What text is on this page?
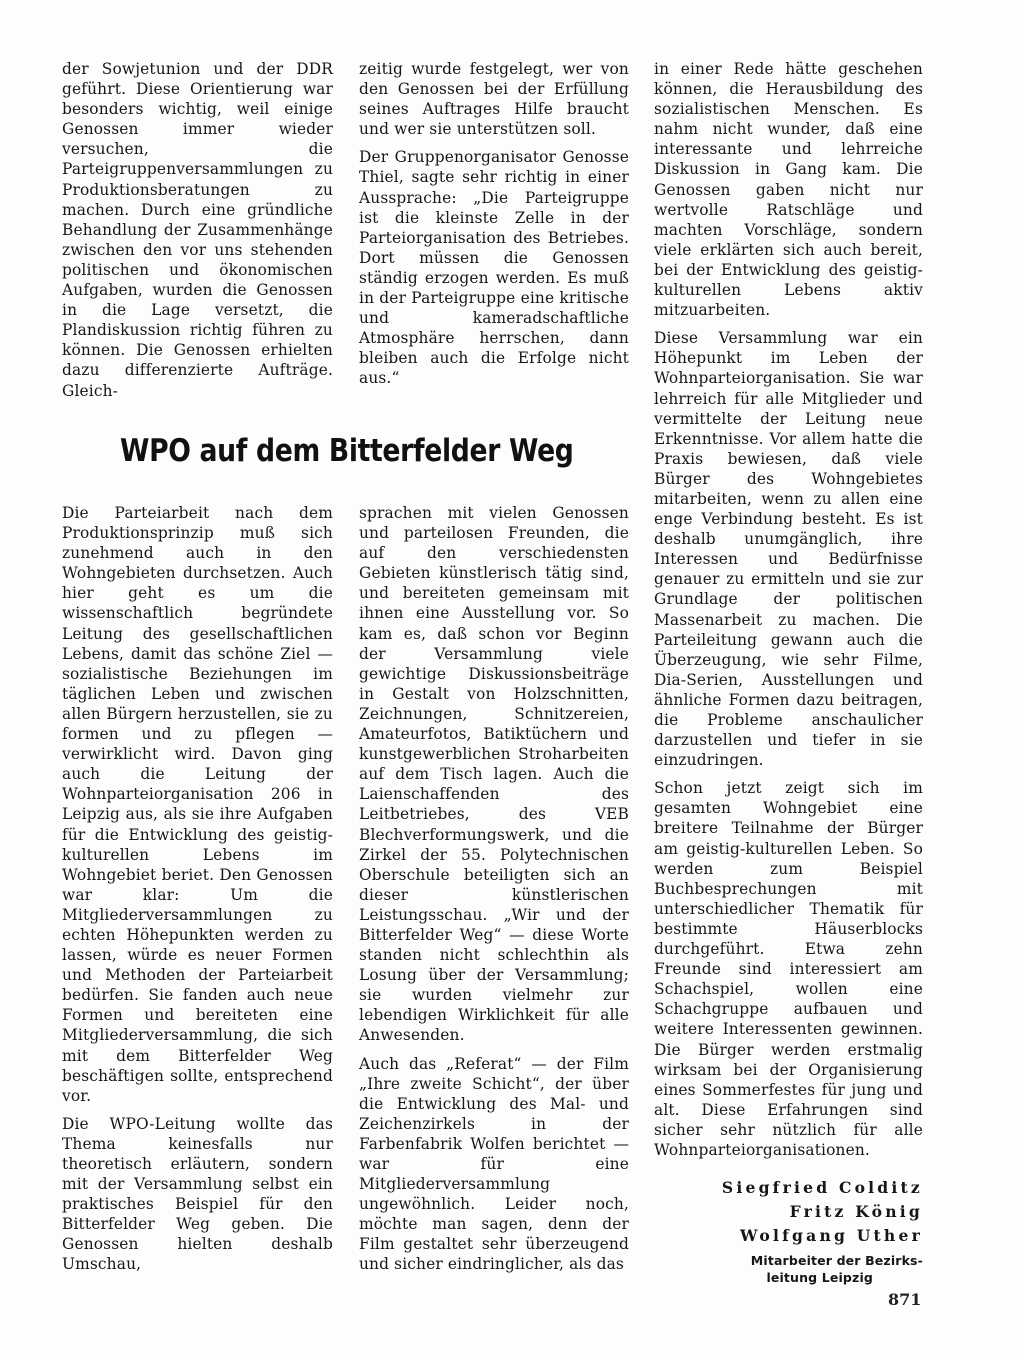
der Sowjetunion und der DDR geführt. Diese Orientierung war besonders wichtig, weil einige Genossen immer wieder versuchen, die Parteigruppenversammlungen zu Produktionsberatungen zu machen. Durch eine gründliche Behandlung der Zusammenhänge zwischen den vor uns stehenden politischen und ökonomischen Aufgaben, wurden die Genossen in die Lage versetzt, die Plandiskussion richtig führen zu können. Die Genossen erhielten dazu differenzierte Aufträge. Gleich-

zeitig wurde festgelegt, wer von den Genossen bei der Erfüllung seines Auftrages Hilfe braucht und wer sie unterstützen soll.

Der Gruppenorganisator Genosse Thiel, sagte sehr richtig in einer Aussprache: „Die Parteigruppe ist die kleinste Zelle in der Parteiorganisation des Betriebes. Dort müssen die Genossen ständig erzogen werden. Es muß in der Parteigruppe eine kritische und kameradschaftliche Atmosphäre herrschen, dann bleiben auch die Erfolge nicht aus.“

WPO auf dem Bitterfelder Weg

Die Parteiarbeit nach dem Produktionsprinzip muß sich zunehmend auch in den Wohngebieten durchsetzen. Auch hier geht es um die wissenschaftlich begründete Leitung des gesellschaftlichen Lebens, damit das schöne Ziel — sozialistische Beziehungen im täglichen Leben und zwischen allen Bürgern herzustellen, sie zu formen und zu pflegen — verwirklicht wird. Davon ging auch die Leitung der Wohnparteiorganisation 206 in Leipzig aus, als sie ihre Aufgaben für die Entwicklung des geistig-kulturellen Lebens im Wohngebiet beriet. Den Genossen war klar: Um die Mitgliederversammlungen zu echten Höhepunkten werden zu lassen, würde es neuer Formen und Methoden der Parteiarbeit bedürfen. Sie fanden auch neue Formen und bereiteten eine Mitgliederversammlung, die sich mit dem Bitterfelder Weg beschäftigen sollte, entsprechend vor.

Die WPO-Leitung wollte das Thema keinesfalls nur theoretisch erläutern, sondern mit der Versammlung selbst ein praktisches Beispiel für den Bitterfelder Weg geben. Die Genossen hielten deshalb Umschau,

sprachen mit vielen Genossen und parteilosen Freunden, die auf den verschiedensten Gebieten künstlerisch tätig sind, und bereiteten gemeinsam mit ihnen eine Ausstellung vor. So kam es, daß schon vor Beginn der Versammlung viele gewichtige Diskussionsbeiträge in Gestalt von Holzschnitten, Zeichnungen, Schnitzereien, Amateurfotos, Batiktüchern und kunstgewerblichen Stroharbeiten auf dem Tisch lagen. Auch die Laienschaffenden des Leitbetriebes, des VEB Blechverformungswerk, und die Zirkel der 55. Polytechnischen Oberschule beteiligten sich an dieser künstlerischen Leistungsschau. „Wir und der Bitterfelder Weg“ — diese Worte standen nicht schlechthin als Losung über der Versammlung; sie wurden vielmehr zur lebendigen Wirklichkeit für alle Anwesenden.

Auch das „Referat“ — der Film „Ihre zweite Schicht“, der über die Entwicklung des Mal- und Zeichenzirkels in der Farbenfabrik Wolfen berichtet — war für eine Mitgliederversammlung ungewöhnlich. Leider noch, möchte man sagen, denn der Film gestaltet sehr überzeugend und sicher eindringlicher, als das

in einer Rede hätte geschehen können, die Herausbildung des sozialistischen Menschen. Es nahm nicht wunder, daß eine interessante und lehrreiche Diskussion in Gang kam. Die Genossen gaben nicht nur wertvolle Ratschläge und machten Vorschläge, sondern viele erklärten sich auch bereit, bei der Entwicklung des geistig-kulturellen Lebens aktiv mitzuarbeiten.

Diese Versammlung war ein Höhepunkt im Leben der Wohnparteiorganisation. Sie war lehrreich für alle Mitglieder und vermittelte der Leitung neue Erkenntnisse. Vor allem hatte die Praxis bewiesen, daß viele Bürger des Wohngebietes mitarbeiten, wenn zu allen eine enge Verbindung besteht. Es ist deshalb unumgänglich, ihre Interessen und Bedürfnisse genauer zu ermitteln und sie zur Grundlage der politischen Massenarbeit zu machen. Die Parteileitung gewann auch die Überzeugung, wie sehr Filme, Dia-Serien, Ausstellungen und ähnliche Formen dazu beitragen, die Probleme anschaulicher darzustellen und tiefer in sie einzudringen.

Schon jetzt zeigt sich im gesamten Wohngebiet eine breitere Teilnahme der Bürger am geistig-kulturellen Leben. So werden zum Beispiel Buchbesprechungen mit unterschiedlicher Thematik für bestimmte Häuserblocks durchgeführt. Etwa zehn Freunde sind interessiert am Schachspiel, wollen eine Schachgruppe aufbauen und weitere Interessenten gewinnen. Die Bürger werden erstmalig wirksam bei der Organisierung eines Sommerfestes für jung und alt. Diese Erfahrungen sind sicher sehr nützlich für alle Wohnparteiorganisationen.

Siegfried Colditz
Fritz König
Wolfgang Uther
Mitarbeiter der Bezirks-
leitung Leipzig
871
